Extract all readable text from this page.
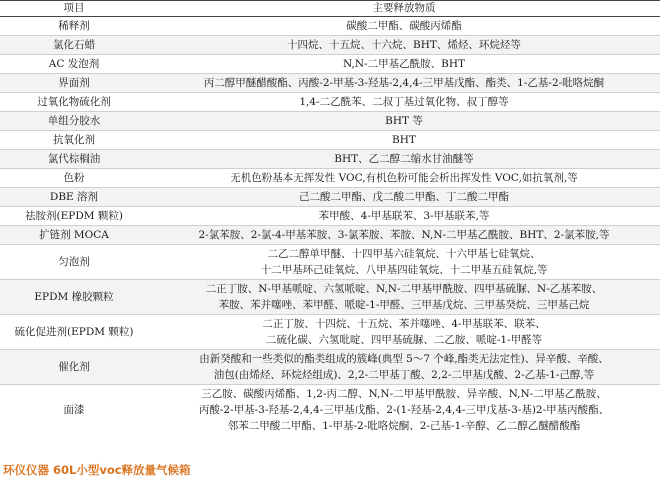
项目	主要释放物质
稀释剂	碳酸二甲酯、碳酸丙烯酯

氯化石蜡	十四烷、十五烷、十六烷、BHT、烯烃、环烷烃等

AC 发泡剂	N,N-二甲基乙酰胺、BHT

界面剂	丙二醇甲醚醋酸酯、丙酸-2-甲基-3-羟基-2,4,4-三甲基戊酯、酯类、1-乙基-2-吡咯烷酮

过氧化物硫化剂	1,4-二乙酰苯、二叔丁基过氧化物、叔丁醇等

单组分胶水	BHT 等

抗氧化剂	BHT

氯代棕榈油	BHT、乙二醇二缩水甘油醚等

色粉	无机色粉基本无挥发性 VOC,有机色粉可能会析出挥发性 VOC,如抗氧剂,等

DBE 溶剂	己二酸二甲酯、戊二酸二甲酯、丁二酸二甲酯

祛胺剂(EPDM 颗粒)	苯甲酸、4-甲基联苯、3-甲基联苯,等

扩链剂 MOCA	2-氯苯胺、2-氯-4-甲基苯胺、3-氯苯胺、苯胺、N,N-二甲基乙酰胺、BHT、2-氯苯胺,等

匀泡剂	二乙二醇单甲醚、十四甲基六硅氧烷、十六甲基七硅氧烷、
十二甲基环己硅氧烷、八甲基四硅氧烷、十二甲基五硅氧烷,等

EPDM 橡胶颗粒	二正丁胺、N-甲基哌啶、六氢哌啶、N,N-二甲基甲酰胺、四甲基硫脲、N-乙基苯胺、
苯胺、苯并噻唑、苯甲醛、哌啶-1-甲醛、三甲基戊烷、三甲基癸烷、三甲基己烷

硫化促进剂(EPDM 颗粒)	二正丁胺、十四烷、十五烷、苯并噻唑、4-甲基联苯、联苯、
二硫化碳、六氢吡啶、四甲基硫脲、二乙胺、哌啶-1-甲醛等

催化剂	由新癸酸和一些类似的酯类组成的簇峰(典型 5～7 个峰,酯类无法定性)、异辛酸、辛酸、
油包(由烯烃、环烷烃组成)、2,2-二甲基丁酸、2,2-二甲基戊酸、2-乙基-1-己醇,等

面漆	三乙胺、碳酸丙烯酯、1,2-丙二醇、N,N-二甲基甲酰胺、异辛酸、N,N-二甲基乙酰胺、
丙酸-2-甲基-3-羟基-2,4,4-三甲基戊酯、2-(1-羟基-2,4,4-三甲戊基-3-基)2-甲基丙酸酯、
邻苯二甲酸二甲酯、1-甲基-2-吡咯烷酮、2-己基-1-辛醇、乙二醇乙醚醋酸酯
环仪仪器 60L小型voc释放量气候箱
